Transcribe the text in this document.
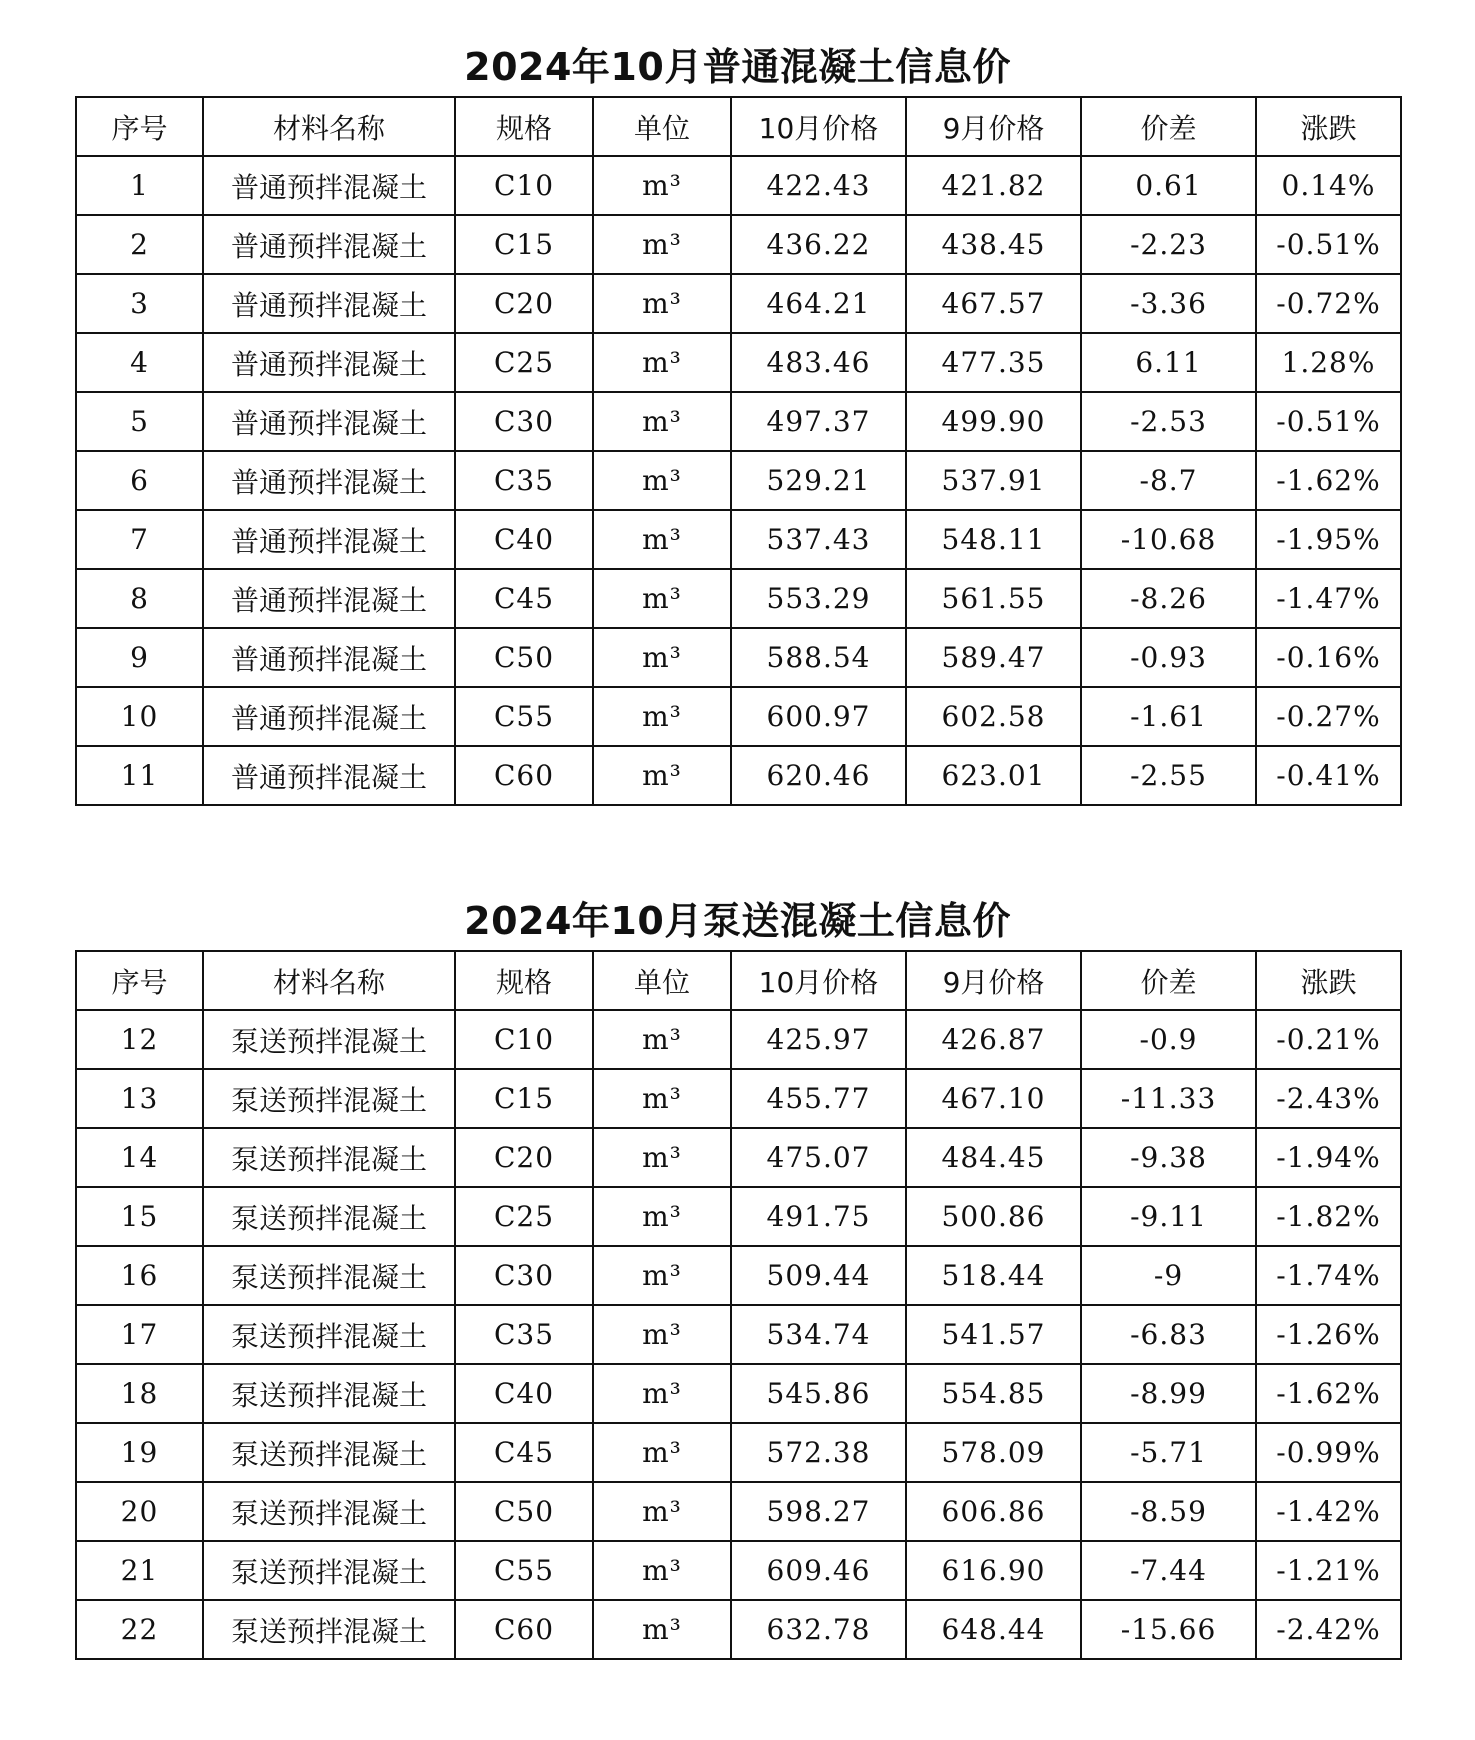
2024年10月普通混凝土信息价
序号	材料名称	规格	单位	10月价格	9月价格	价差	涨跌
1	普通预拌混凝土	C10	m³	422.43	421.82	0.61	0.14%
2	普通预拌混凝土	C15	m³	436.22	438.45	-2.23	-0.51%
3	普通预拌混凝土	C20	m³	464.21	467.57	-3.36	-0.72%
4	普通预拌混凝土	C25	m³	483.46	477.35	6.11	1.28%
5	普通预拌混凝土	C30	m³	497.37	499.90	-2.53	-0.51%
6	普通预拌混凝土	C35	m³	529.21	537.91	-8.7	-1.62%
7	普通预拌混凝土	C40	m³	537.43	548.11	-10.68	-1.95%
8	普通预拌混凝土	C45	m³	553.29	561.55	-8.26	-1.47%
9	普通预拌混凝土	C50	m³	588.54	589.47	-0.93	-0.16%
10	普通预拌混凝土	C55	m³	600.97	602.58	-1.61	-0.27%
11	普通预拌混凝土	C60	m³	620.46	623.01	-2.55	-0.41%
2024年10月泵送混凝土信息价
序号	材料名称	规格	单位	10月价格	9月价格	价差	涨跌
12	泵送预拌混凝土	C10	m³	425.97	426.87	-0.9	-0.21%
13	泵送预拌混凝土	C15	m³	455.77	467.10	-11.33	-2.43%
14	泵送预拌混凝土	C20	m³	475.07	484.45	-9.38	-1.94%
15	泵送预拌混凝土	C25	m³	491.75	500.86	-9.11	-1.82%
16	泵送预拌混凝土	C30	m³	509.44	518.44	-9	-1.74%
17	泵送预拌混凝土	C35	m³	534.74	541.57	-6.83	-1.26%
18	泵送预拌混凝土	C40	m³	545.86	554.85	-8.99	-1.62%
19	泵送预拌混凝土	C45	m³	572.38	578.09	-5.71	-0.99%
20	泵送预拌混凝土	C50	m³	598.27	606.86	-8.59	-1.42%
21	泵送预拌混凝土	C55	m³	609.46	616.90	-7.44	-1.21%
22	泵送预拌混凝土	C60	m³	632.78	648.44	-15.66	-2.42%
